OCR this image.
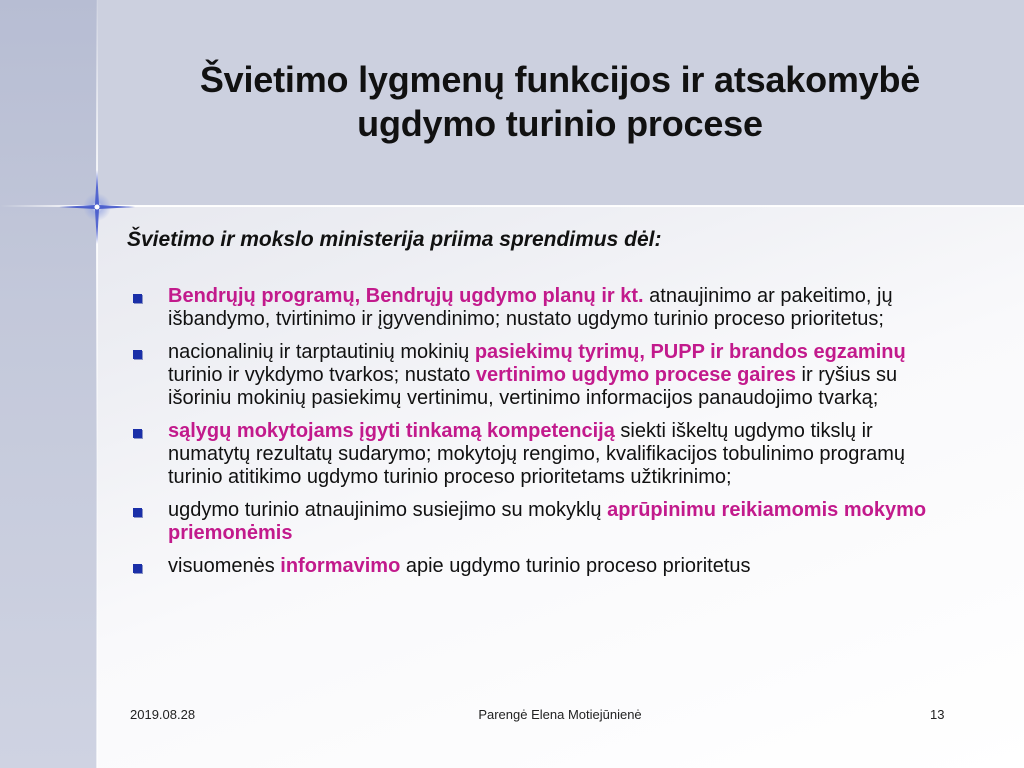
Švietimo lygmenų funkcijos ir atsakomybė
ugdymo turinio procese
Švietimo ir mokslo ministerija priima sprendimus dėl:
Bendrųjų programų, Bendrųjų ugdymo planų ir kt. atnaujinimo ar pakeitimo, jų išbandymo, tvirtinimo ir įgyvendinimo; nustato ugdymo turinio proceso prioritetus;
nacionalinių ir tarptautinių mokinių pasiekimų tyrimų, PUPP ir brandos egzaminų turinio ir vykdymo tvarkos; nustato vertinimo ugdymo procese gaires ir ryšius su išoriniu mokinių pasiekimų vertinimu, vertinimo informacijos panaudojimo tvarką;
sąlygų mokytojams įgyti tinkamą kompetenciją siekti iškeltų ugdymo tikslų ir numatytų rezultatų sudarymo; mokytojų rengimo, kvalifikacijos tobulinimo programų turinio atitikimo ugdymo turinio proceso prioritetams užtikrinimo;
ugdymo turinio atnaujinimo susiejimo su mokyklų aprūpinimu reikiamomis mokymo priemonėmis
visuomenės informavimo apie ugdymo turinio proceso prioritetus
2019.08.28	Parengė Elena Motiejūnienė	13
